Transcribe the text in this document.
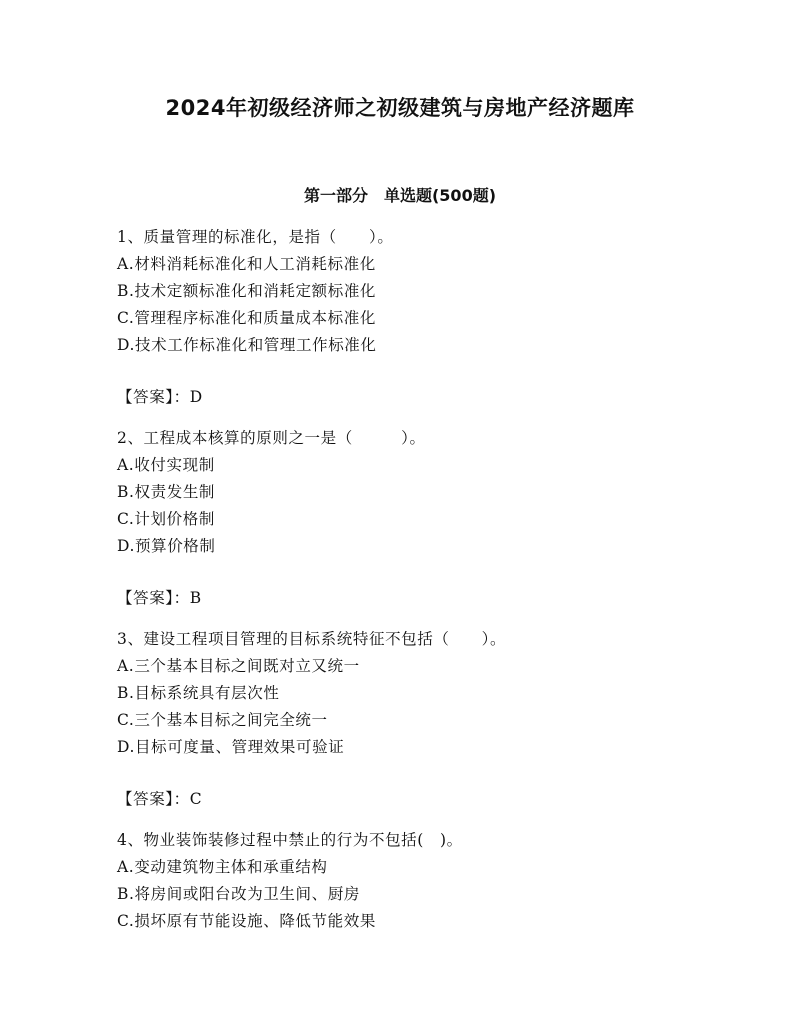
2024年初级经济师之初级建筑与房地产经济题库
第一部分　单选题(500题)
1、质量管理的标准化，是指（　　）。
A.材料消耗标准化和人工消耗标准化
B.技术定额标准化和消耗定额标准化
C.管理程序标准化和质量成本标准化
D.技术工作标准化和管理工作标准化
【答案】：D
2、工程成本核算的原则之一是（　　　）。
A.收付实现制
B.权责发生制
C.计划价格制
D.预算价格制
【答案】：B
3、建设工程项目管理的目标系统特征不包括（　　）。
A.三个基本目标之间既对立又统一
B.目标系统具有层次性
C.三个基本目标之间完全统一
D.目标可度量、管理效果可验证
【答案】：C
4、物业装饰装修过程中禁止的行为不包括(　)。
A.变动建筑物主体和承重结构
B.将房间或阳台改为卫生间、厨房
C.损坏原有节能设施、降低节能效果
